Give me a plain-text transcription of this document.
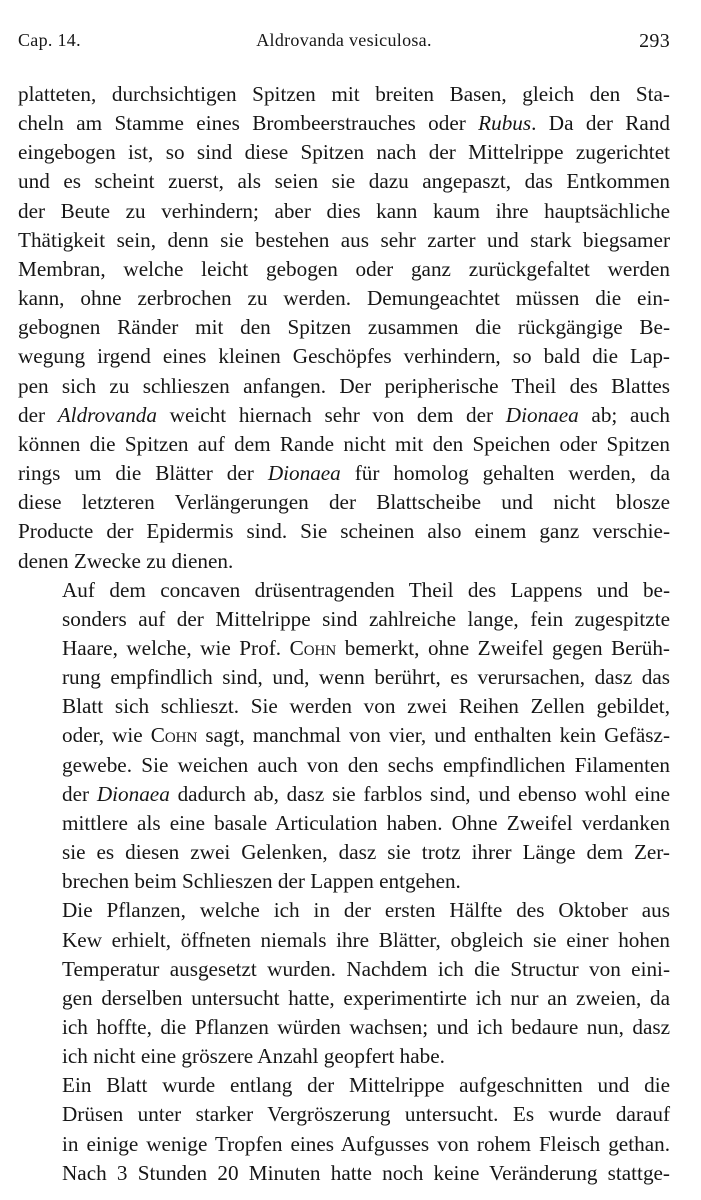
Cap. 14.	Aldrovanda vesiculosa.	293
platteten, durchsichtigen Spitzen mit breiten Basen, gleich den Sta-
cheln am Stamme eines Brombeerstrauches oder Rubus. Da der Rand
eingebogen ist, so sind diese Spitzen nach der Mittelrippe zugerichtet
und es scheint zuerst, als seien sie dazu angepaszt, das Entkommen
der Beute zu verhindern; aber dies kann kaum ihre hauptsächliche
Thätigkeit sein, denn sie bestehen aus sehr zarter und stark biegsamer
Membran, welche leicht gebogen oder ganz zurückgefaltet werden
kann, ohne zerbrochen zu werden. Demungeachtet müssen die ein-
gebognen Ränder mit den Spitzen zusammen die rückgängige Be-
wegung irgend eines kleinen Geschöpfes verhindern, so bald die Lap-
pen sich zu schlieszen anfangen. Der peripherische Theil des Blattes
der Aldrovanda weicht hiernach sehr von dem der Dionaea ab; auch
können die Spitzen auf dem Rande nicht mit den Speichen oder Spitzen
rings um die Blätter der Dionaea für homolog gehalten werden, da
diese letzteren Verlängerungen der Blattscheibe und nicht blosze
Producte der Epidermis sind. Sie scheinen also einem ganz verschie-
denen Zwecke zu dienen.
Auf dem concaven drüsentragenden Theil des Lappens und be-
sonders auf der Mittelrippe sind zahlreiche lange, fein zugespitzte
Haare, welche, wie Prof. Cohn bemerkt, ohne Zweifel gegen Berüh-
rung empfindlich sind, und, wenn berührt, es verursachen, dasz das
Blatt sich schlieszt. Sie werden von zwei Reihen Zellen gebildet,
oder, wie Cohn sagt, manchmal von vier, und enthalten kein Gefäsz-
gewebe. Sie weichen auch von den sechs empfindlichen Filamenten
der Dionaea dadurch ab, dasz sie farblos sind, und ebenso wohl eine
mittlere als eine basale Articulation haben. Ohne Zweifel verdanken
sie es diesen zwei Gelenken, dasz sie trotz ihrer Länge dem Zer-
brechen beim Schlieszen der Lappen entgehen.
Die Pflanzen, welche ich in der ersten Hälfte des Oktober aus
Kew erhielt, öffneten niemals ihre Blätter, obgleich sie einer hohen
Temperatur ausgesetzt wurden. Nachdem ich die Structur von eini-
gen derselben untersucht hatte, experimentirte ich nur an zweien, da
ich hoffte, die Pflanzen würden wachsen; und ich bedaure nun, dasz
ich nicht eine gröszere Anzahl geopfert habe.
Ein Blatt wurde entlang der Mittelrippe aufgeschnitten und die
Drüsen unter starker Vergröszerung untersucht. Es wurde darauf
in einige wenige Tropfen eines Aufgusses von rohem Fleisch gethan.
Nach 3 Stunden 20 Minuten hatte noch keine Veränderung stattge-
